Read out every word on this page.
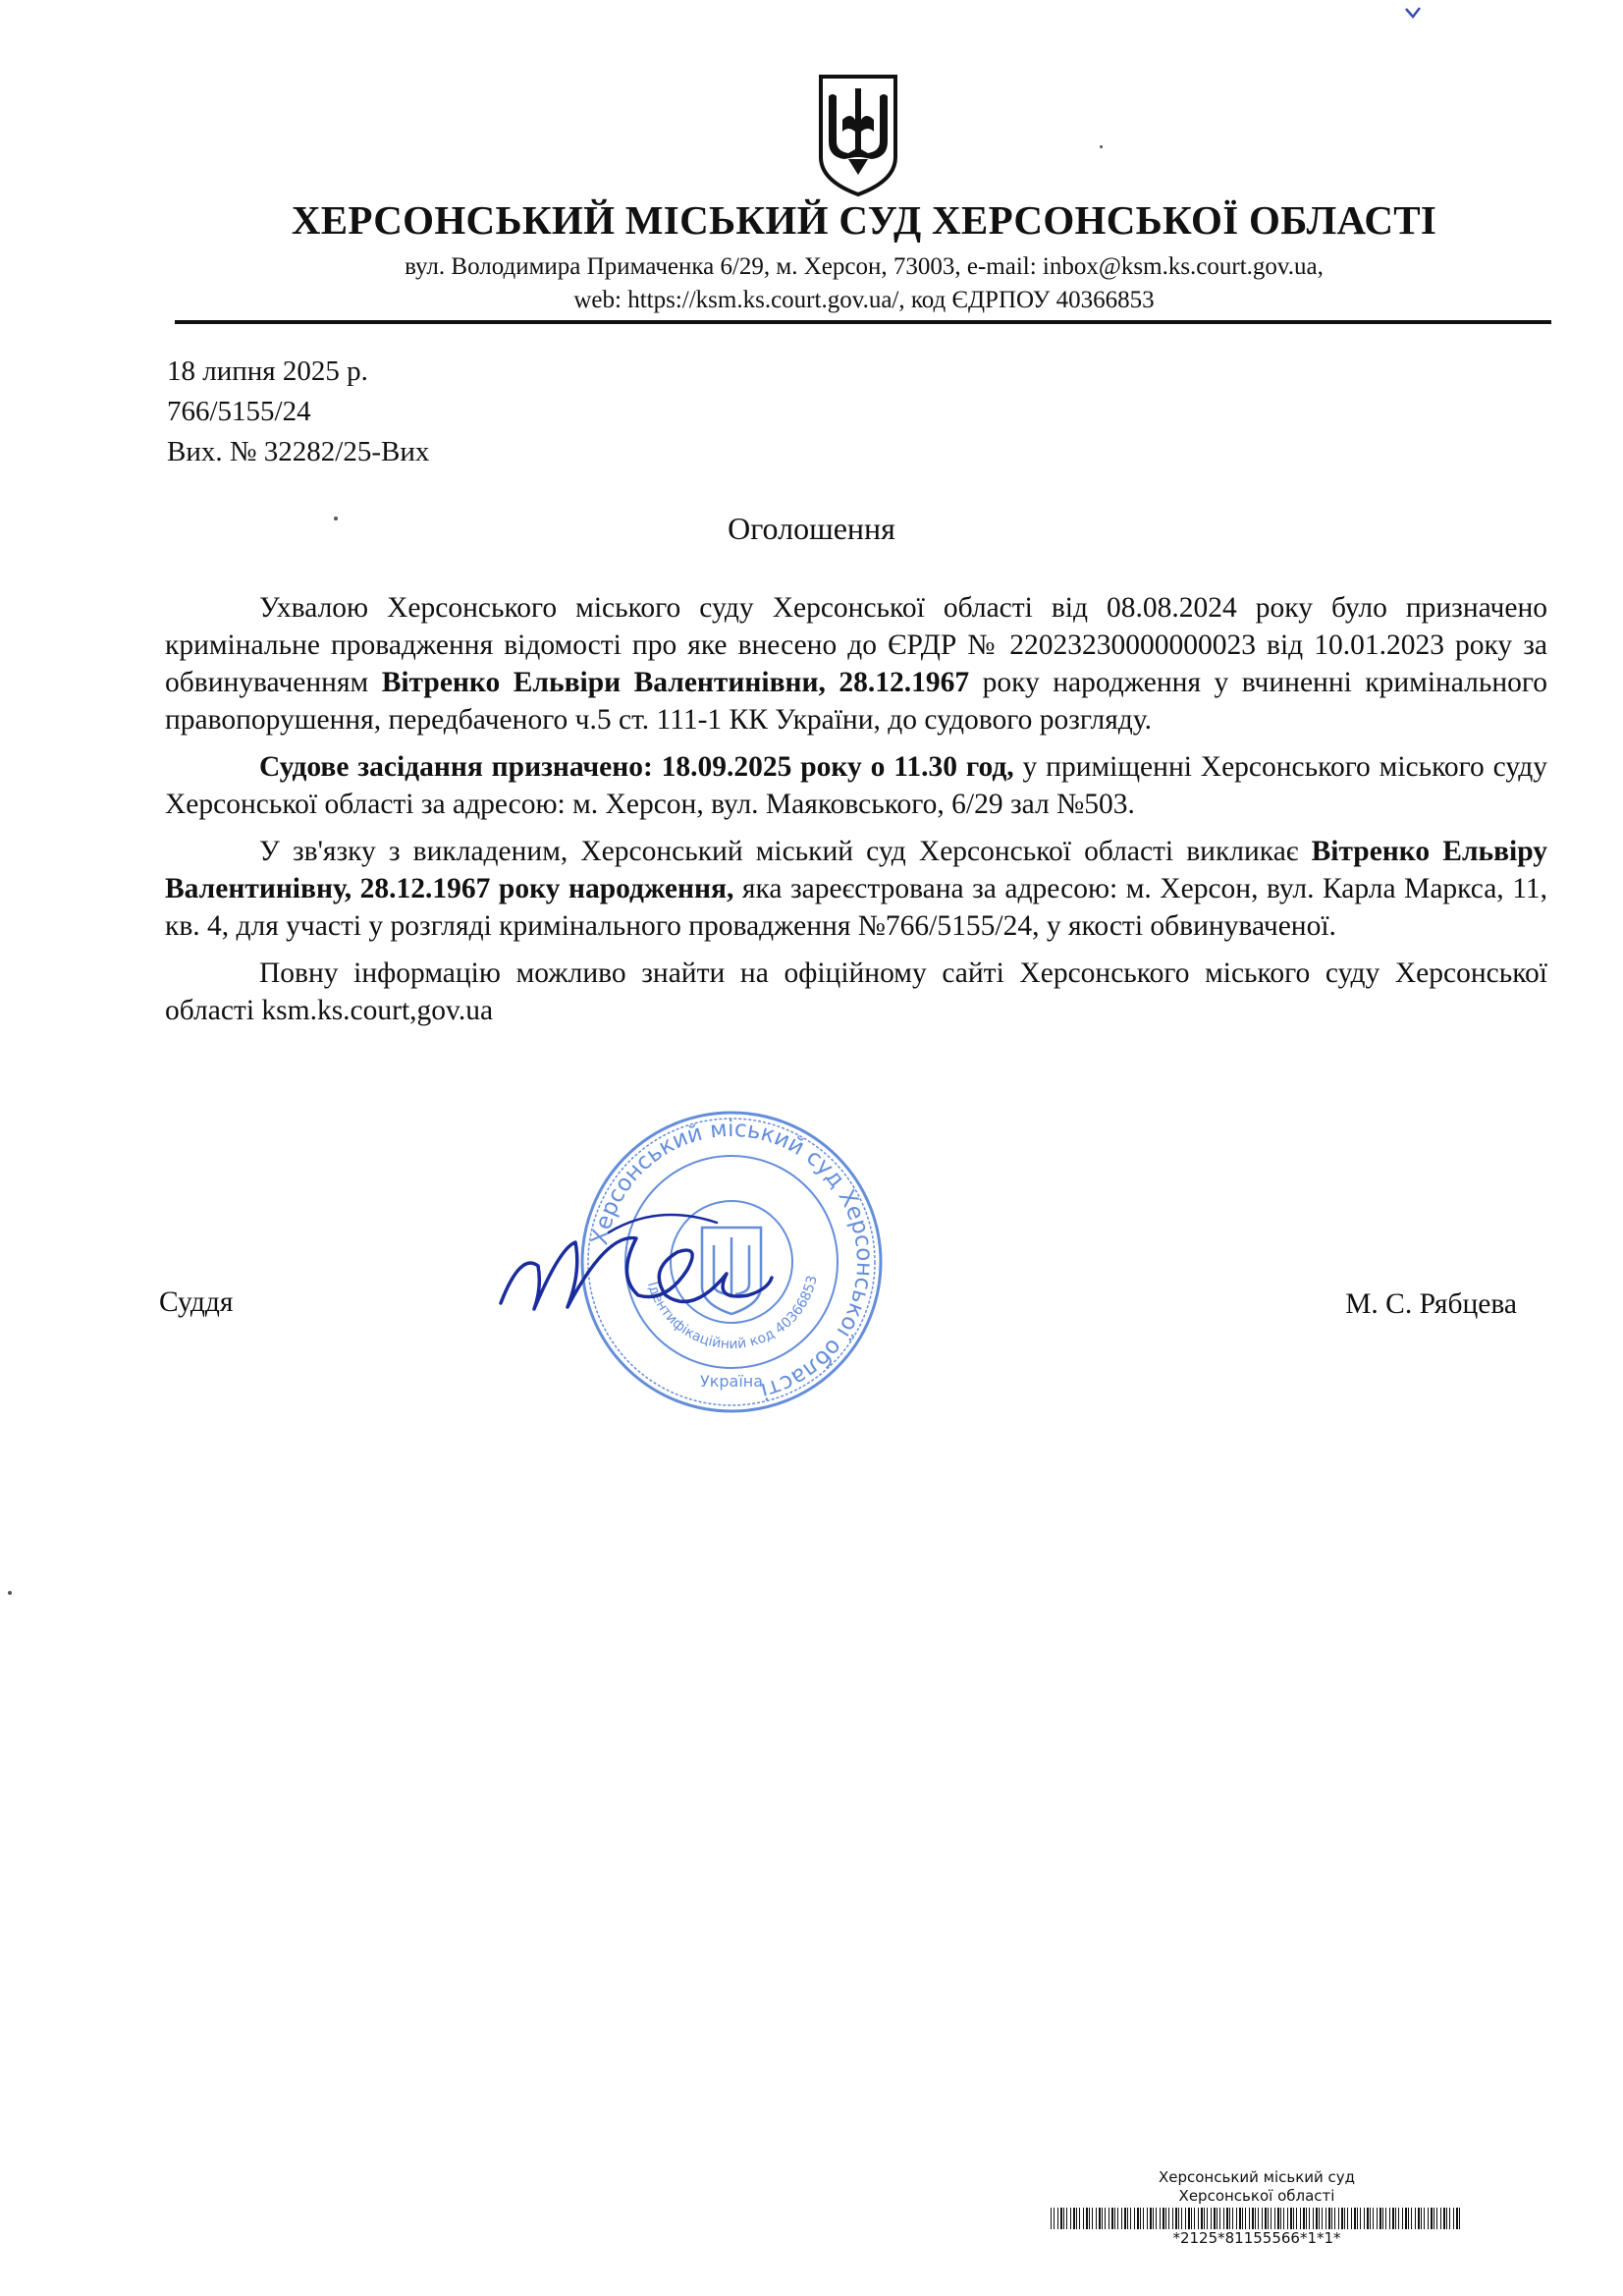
ХЕРСОНСЬКИЙ МІСЬКИЙ СУД ХЕРСОНСЬКОЇ ОБЛАСТІ
вул. Володимира Примаченка 6/29, м. Херсон, 73003, e-mail: inbox@ksm.ks.court.gov.ua,
web: https://ksm.ks.court.gov.ua/, код ЄДРПОУ 40366853
18 липня 2025 р.
766/5155/24
Вих. № 32282/25-Вих
Оголошення

Ухвалою Херсонського міського суду Херсонської області від 08.08.2024 року було призначено кримінальне провадження відомості про яке внесено до ЄРДР № 22023230000000023 від 10.01.2023 року за обвинуваченням Вітренко Ельвіри Валентинівни, 28.12.1967 року народження у вчиненні кримінального правопорушення, передбаченого ч.5 ст. 111-1 КК України, до судового розгляду.

Судове засідання призначено: 18.09.2025 року о 11.30 год, у приміщенні Херсонського міського суду Херсонської області за адресою: м. Херсон, вул. Маяковського, 6/29 зал №503.

У зв'язку з викладеним, Херсонський міський суд Херсонської області викликає Вітренко Ельвіру Валентинівну, 28.12.1967 року народження, яка зареєстрована за адресою: м. Херсон, вул. Карла Маркса, 11, кв. 4, для участі у розгляді кримінального провадження №766/5155/24, у якості обвинуваченої.

Повну інформацію можливо знайти на офіційному сайті Херсонського міського суду Херсонської області ksm.ks.court,gov.ua

Суддя	М. С. Рябцева
Херсонський міський суд Херсонської області
Ідентифікаційний код 40366853
Україна
Херсонський міський суд
Херсонської області
*2125*81155566*1*1*
